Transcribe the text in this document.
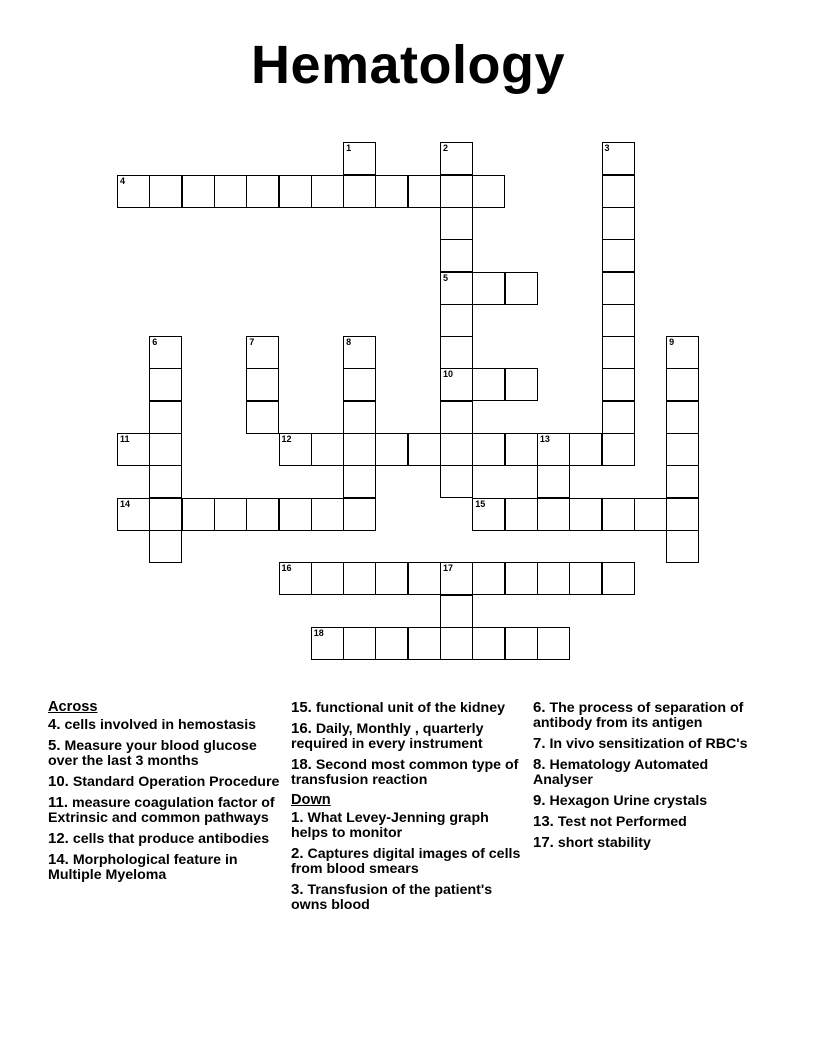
Hematology
1	2	3
4
5
6	7	8	9
10
11	12	13
14	15
16	17
18
Across
4. cells involved in hemostasis
5. Measure your blood glucose over the last 3 months
10. Standard Operation Procedure
11. measure coagulation factor of Extrinsic and common pathways
12. cells that produce antibodies
14. Morphological feature in Multiple Myeloma
15. functional unit of the kidney
16. Daily, Monthly , quarterly required in every instrument
18. Second most common type of transfusion reaction
Down
1. What Levey-Jenning graph helps to monitor
2. Captures digital images of cells from blood smears
3. Transfusion of the patient's owns blood
6. The process of separation of antibody from its antigen
7. In vivo sensitization of RBC's
8. Hematology Automated Analyser
9. Hexagon Urine crystals
13. Test not Performed
17. short stability
